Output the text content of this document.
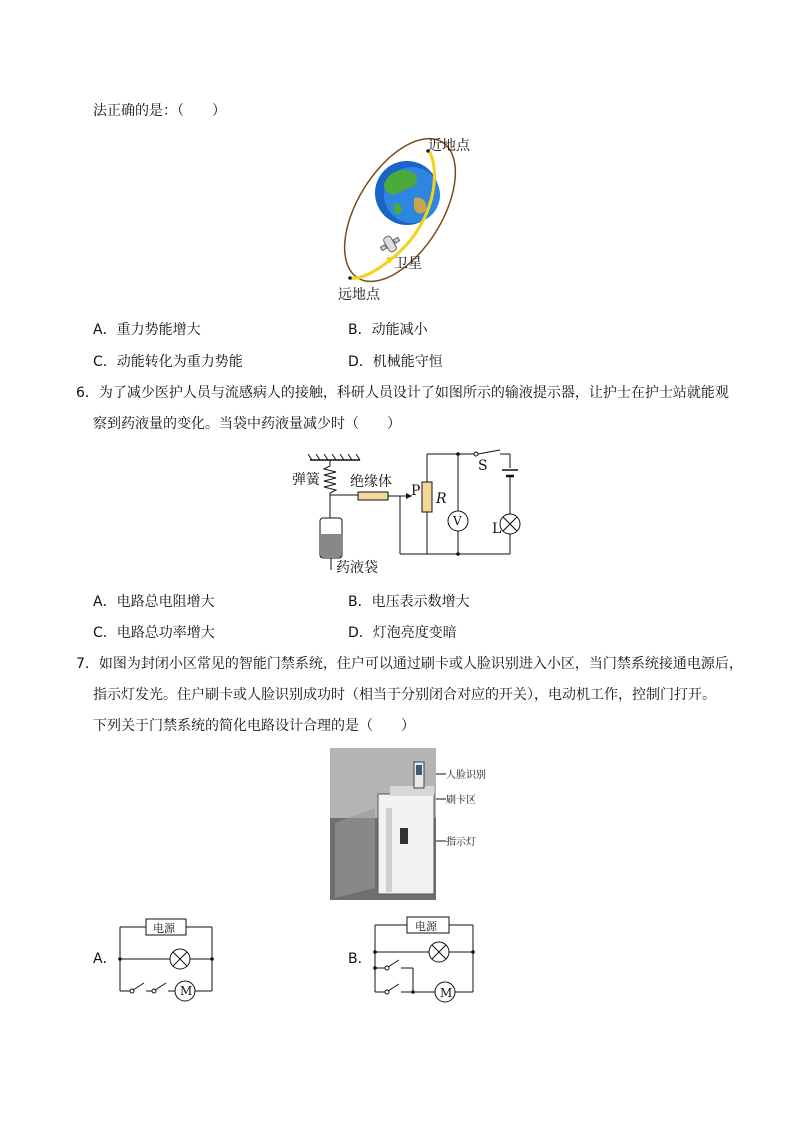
法正确的是：（　　）
近地点
卫星
远地点
A．重力势能增大	B．动能减小
C．动能转化为重力势能	D．机械能守恒
6．为了减少医护人员与流感病人的接触，科研人员设计了如图所示的输液提示器，让护士在护士站就能观
察到药液量的变化。当袋中药液量减少时（　　）
弹簧 绝缘体
药液袋
P R
S
L
V
A．电路总电阻增大	B．电压表示数增大
C．电路总功率增大	D．灯泡亮度变暗
7．如图为封闭小区常见的智能门禁系统，住户可以通过刷卡或人脸识别进入小区，当门禁系统接通电源后，
指示灯发光。住户刷卡或人脸识别成功时（相当于分别闭合对应的开关），电动机工作，控制门打开。
下列关于门禁系统的简化电路设计合理的是（　　）
人脸识别
刷卡区
指示灯
A．
电源
M
B．
电源
M
